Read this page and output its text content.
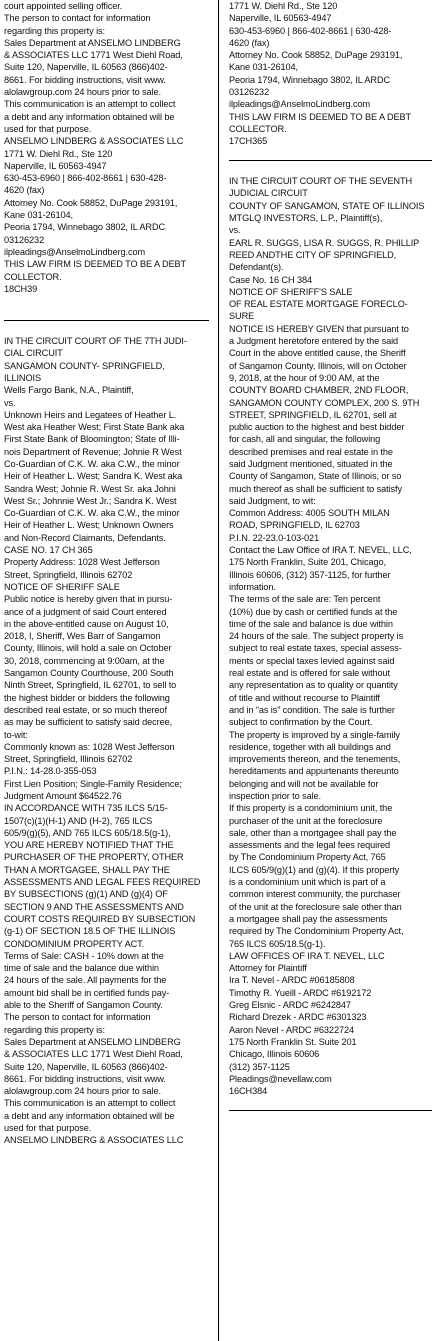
court appointed selling officer.
The person to contact for information
regarding this property is:
Sales Department at ANSELMO LINDBERG
& ASSOCIATES LLC 1771 West Diehl Road,
Suite 120, Naperville, IL 60563 (866)402-
8661. For bidding instructions, visit www.
alolawgroup.com 24 hours prior to sale.
This communication is an attempt to collect
a debt and any information obtained will be
used for that purpose.
ANSELMO LINDBERG & ASSOCIATES LLC
1771 W. Diehl Rd., Ste 120
Naperville, IL 60563-4947
630-453-6960 | 866-402-8661 | 630-428-
4620 (fax)
Attorney No. Cook 58852, DuPage 293191,
Kane 031-26104,
Peoria 1794, Winnebago 3802, IL ARDC
03126232
ilpleadings@AnselmoLindberg.com
THIS LAW FIRM IS DEEMED TO BE A DEBT
COLLECTOR.
18CH39
IN THE CIRCUIT COURT OF THE 7TH JUDI-
CIAL CIRCUIT
SANGAMON COUNTY- SPRINGFIELD,
ILLINOIS
Wells Fargo Bank, N.A., Plaintiff,
vs.
Unknown Heirs and Legatees of Heather L.
West aka Heather West; First State Bank aka
First State Bank of Bloomington; State of Illi-
nois Department of Revenue; Johnie R West
Co-Guardian of C.K. W. aka C.W., the minor
Heir of Heather L. West; Sandra K. West aka
Sandra West; Johnie R. West Sr. aka Johni
West Sr.; Johnnie West Jr.; Sandra K. West
Co-Guardian of C.K. W. aka C.W., the minor
Heir of Heather L. West; Unknown Owners
and Non-Record Claimants, Defendants.
CASE NO. 17 CH 365
Property Address: 1028 West Jefferson
Street, Springfield, Illinois 62702
NOTICE OF SHERIFF SALE
Public notice is hereby given that in pursu-
ance of a judgment of said Court entered
in the above-entitled cause on August 10,
2018, I, Sheriff, Wes Barr of Sangamon
County, Illinois, will hold a sale on October
30, 2018, commencing at 9:00am, at the
Sangamon County Courthouse, 200 South
Ninth Street, Springfield, IL 62701, to sell to
the highest bidder or bidders the following
described real estate, or so much thereof
as may be sufficient to satisfy said decree,
to-wit:
Commonly known as: 1028 West Jefferson
Street, Springfield, Illinois 62702
P.I.N.: 14-28.0-355-053
First Lien Position; Single-Family Residence;
Judgment Amount $64522.76
IN ACCORDANCE WITH 735 ILCS 5/15-
1507(c)(1)(H-1) AND (H-2), 765 ILCS
605/9(g)(5), AND 765 ILCS 605/18.5(g-1),
YOU ARE HEREBY NOTIFIED THAT THE
PURCHASER OF THE PROPERTY, OTHER
THAN A MORTGAGEE, SHALL PAY THE
ASSESSMENTS AND LEGAL FEES REQUIRED
BY SUBSECTIONS (g)(1) AND (g)(4) OF
SECTION 9 AND THE ASSESSMENTS AND
COURT COSTS REQUIRED BY SUBSECTION
(g-1) OF SECTION 18.5 OF THE ILLINOIS
CONDOMINIUM PROPERTY ACT.
Terms of Sale: CASH - 10% down at the
time of sale and the balance due within
24 hours of the sale. All payments for the
amount bid shall be in certified funds pay-
able to the Sheriff of Sangamon County.
The person to contact for information
regarding this property is:
Sales Department at ANSELMO LINDBERG
& ASSOCIATES LLC 1771 West Diehl Road,
Suite 120, Naperville, IL 60563 (866)402-
8661. For bidding instructions, visit www.
alolawgroup.com 24 hours prior to sale.
This communication is an attempt to collect
a debt and any information obtained will be
used for that purpose.
ANSELMO LINDBERG & ASSOCIATES LLC
1771 W. Diehl Rd., Ste 120
Naperville, IL 60563-4947
630-453-6960 | 866-402-8661 | 630-428-
4620 (fax)
Attorney No. Cook 58852, DuPage 293191,
Kane 031-26104,
Peoria 1794, Winnebago 3802, IL ARDC
03126232
ilpleadings@AnselmoLindberg.com
THIS LAW FIRM IS DEEMED TO BE A DEBT
COLLECTOR.
17CH365
IN THE CIRCUIT COURT OF THE SEVENTH
JUDICIAL CIRCUIT
COUNTY OF SANGAMON, STATE OF ILLINOIS
MTGLQ INVESTORS, L.P., Plaintiff(s),
vs.
EARL R. SUGGS, LISA R. SUGGS, R. PHILLIP
REED ANDTHE CITY OF SPRINGFIELD,
Defendant(s).
Case No. 16 CH 384
NOTICE OF SHERIFF'S SALE
OF REAL ESTATE MORTGAGE FORECLO-
SURE
NOTICE IS HEREBY GIVEN that pursuant to
a Judgment heretofore entered by the said
Court in the above entitled cause, the Sheriff
of Sangamon County, Illinois, will on October
9, 2018, at the hour of 9:00 AM, at the
COUNTY BOARD CHAMBER, 2ND FLOOR,
SANGAMON COUNTY COMPLEX, 200 S. 9TH
STREET, SPRINGFIELD, IL 62701, sell at
public auction to the highest and best bidder
for cash, all and singular, the following
described premises and real estate in the
said Judgment mentioned, situated in the
County of Sangamon, State of Illinois, or so
much thereof as shall be sufficient to satisfy
said Judgment, to wit:
Common Address: 4005 SOUTH MILAN
ROAD, SPRINGFIELD, IL 62703
P.I.N. 22-23.0-103-021
Contact the Law Office of IRA T. NEVEL, LLC,
175 North Franklin, Suite 201, Chicago,
Illinois 60606, (312) 357-1125, for further
information.
The terms of the sale are: Ten percent
(10%) due by cash or certified funds at the
time of the sale and balance is due within
24 hours of the sale. The subject property is
subject to real estate taxes, special assess-
ments or special taxes levied against said
real estate and is offered for sale without
any representation as to quality or quantity
of title and without recourse to Plaintiff
and in “as is” condition. The sale is further
subject to confirmation by the Court.
The property is improved by a single-family
residence, together with all buildings and
improvements thereon, and the tenements,
hereditaments and appurtenants thereunto
belonging and will not be available for
inspection prior to sale.
If this property is a condominium unit, the
purchaser of the unit at the foreclosure
sale, other than a mortgagee shall pay the
assessments and the legal fees required
by The Condominium Property Act, 765
ILCS 605/9(g)(1) and (g)(4). If this property
is a condominium unit which is part of a
common interest community, the purchaser
of the unit at the foreclosure sale other than
a mortgagee shall pay the assessments
required by The Condominium Property Act,
765 ILCS 605/18.5(g-1).
LAW OFFICES OF IRA T. NEVEL, LLC
Attorney for Plaintiff
Ira T. Nevel - ARDC #06185808
Timothy R. Yueill - ARDC #6192172
Greg Elsnic - ARDC #6242847
Richard Drezek - ARDC #6301323
Aaron Nevel - ARDC #6322724
175 North Franklin St. Suite 201
Chicago, Illinois 60606
(312) 357-1125
Pleadings@nevellaw.com
16CH384
